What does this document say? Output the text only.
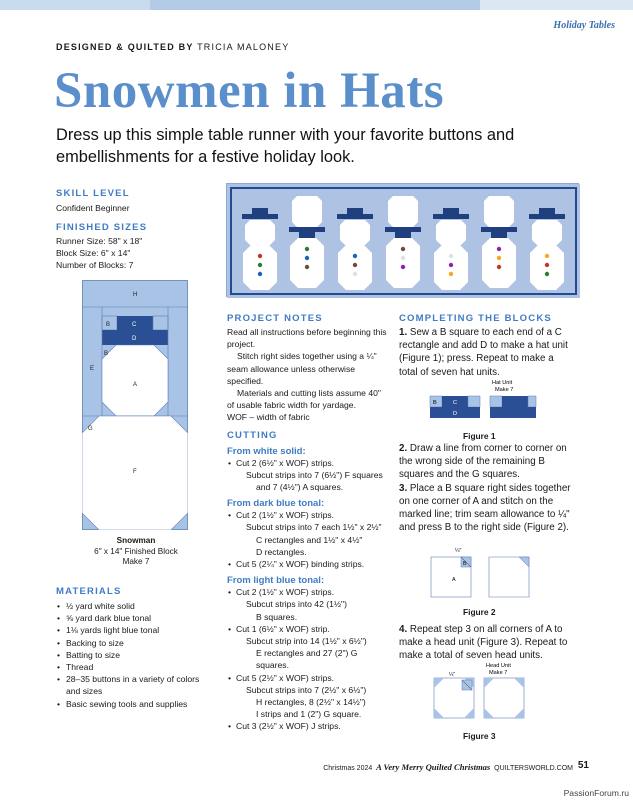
Holiday Tables
DESIGNED & QUILTED BY TRICIA MALONEY
Snowmen in Hats
Dress up this simple table runner with your favorite buttons and embellishments for a festive holiday look.
SKILL LEVEL
Confident Beginner
FINISHED SIZES
Runner Size: 58" x 18"
Block Size: 6" x 14"
Number of Blocks: 7
H
B	C
D
B
E
A
G
F
Snowman
6" x 14" Finished Block
Make 7
MATERIALS
• ½ yard white solid
• ⅝ yard dark blue tonal
• 1⅛ yards light blue tonal
• Backing to size
• Batting to size
• Thread
• 28–35 buttons in a variety of colors and sizes
• Basic sewing tools and supplies
PROJECT NOTES

Read all instructions before beginning this project.

Stitch right sides together using a ¼" seam allowance unless otherwise specified.

Materials and cutting lists assume 40" of usable fabric width for yardage.

WOF – width of fabric

CUTTING
From white solid:
• Cut 2 (6½" x WOF) strips.
Subcut strips into 7 (6½") F squares
and 7 (4½") A squares.
From dark blue tonal:
• Cut 2 (1½" x WOF) strips.
Subcut strips into 7 each 1½" x 2½"
C rectangles and 1½" x 4½"
D rectangles.
• Cut 5 (2¼" x WOF) binding strips.
From light blue tonal:
• Cut 2 (1½" x WOF) strips.
Subcut strips into 42 (1½")
B squares.
• Cut 1 (6½" x WOF) strip.
Subcut strip into 14 (1½" x 6½")
E rectangles and 27 (2") G squares.
• Cut 5 (2½" x WOF) strips.
Subcut strips into 7 (2½" x 6½")
H rectangles, 8 (2½" x 14½")
I strips and 1 (2") G square.
• Cut 3 (2½" x WOF) J strips.
COMPLETING THE BLOCKS
1. Sew a B square to each end of a C rectangle and add D to make a hat unit (Figure 1); press. Repeat to make a total of seven hat units.
2. Draw a line from corner to corner on the wrong side of the remaining B squares and the G squares.
3. Place a B square right sides together on one corner of A and stitch on the marked line; trim seam allowance to ¼" and press B to the right side (Figure 2).
4. Repeat step 3 on all corners of A to make a head unit (Figure 3). Repeat to make a total of seven head units.
Hat Unit
Make 7
B	C
D
Figure 1
¼"
B
A
Figure 2
Head Unit
Make 7
¼"
Figure 3
Christmas 2024 A Very Merry Quilted Christmas QUILTERSWORLD.COM 51
PassionForum.ru
